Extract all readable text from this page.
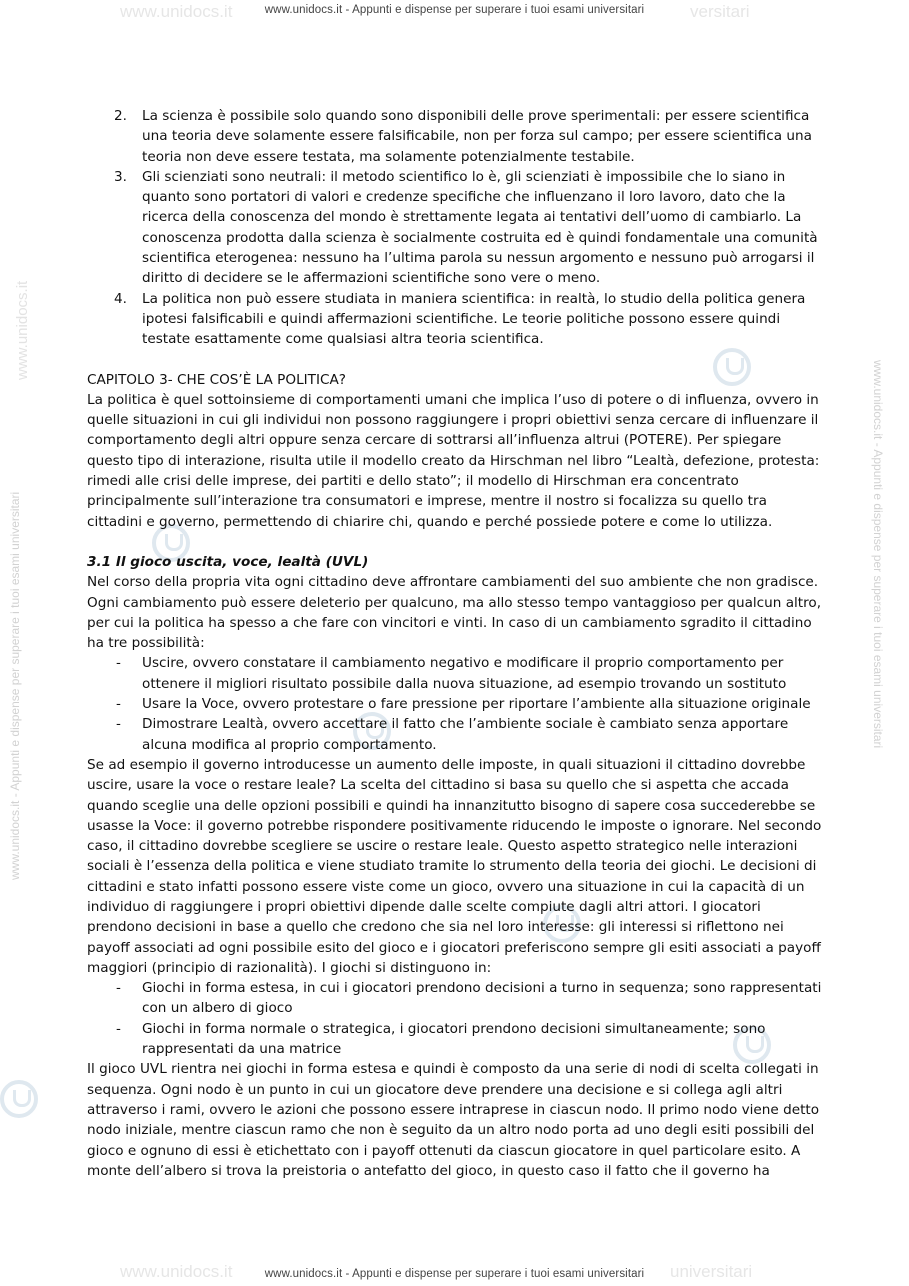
www.unidocs.it	versitari
www.unidocs.it	universitari
www.unidocs.it - Appunti e dispense per superare i tuoi esami universitari	www.unidocs.it - Appunti e dispense per superare i tuoi esami universitari
www.unidocs.it
www.unidocs.it - Appunti e dispense per superare i tuoi esami universitari
www.unidocs.it - Appunti e dispense per superare i tuoi esami universitari
2. La scienza è possibile solo quando sono disponibili delle prove sperimentali: per essere scientifica una teoria deve solamente essere falsificabile, non per forza sul campo; per essere scientifica una teoria non deve essere testata, ma solamente potenzialmente testabile.

3. Gli scienziati sono neutrali: il metodo scientifico lo è, gli scienziati è impossibile che lo siano in quanto sono portatori di valori e credenze specifiche che influenzano il loro lavoro, dato che la ricerca della conoscenza del mondo è strettamente legata ai tentativi dell’uomo di cambiarlo. La conoscenza prodotta dalla scienza è socialmente costruita ed è quindi fondamentale una comunità scientifica eterogenea: nessuno ha l’ultima parola su nessun argomento e nessuno può arrogarsi il diritto di decidere se le affermazioni scientifiche sono vere o meno.

4. La politica non può essere studiata in maniera scientifica: in realtà, lo studio della politica genera ipotesi falsificabili e quindi affermazioni scientifiche. Le teorie politiche possono essere quindi testate esattamente come qualsiasi altra teoria scientifica.

CAPITOLO 3- CHE COS’È LA POLITICA?

La politica è quel sottoinsieme di comportamenti umani che implica l’uso di potere o di influenza, ovvero in quelle situazioni in cui gli individui non possono raggiungere i propri obiettivi senza cercare di influenzare il comportamento degli altri oppure senza cercare di sottrarsi all’influenza altrui (POTERE). Per spiegare questo tipo di interazione, risulta utile il modello creato da Hirschman nel libro “Lealtà, defezione, protesta: rimedi alle crisi delle imprese, dei partiti e dello stato”; il modello di Hirschman era concentrato principalmente sull’interazione tra consumatori e imprese, mentre il nostro si focalizza su quello tra cittadini e governo, permettendo di chiarire chi, quando e perché possiede potere e come lo utilizza.

3.1 Il gioco uscita, voce, lealtà (UVL)

Nel corso della propria vita ogni cittadino deve affrontare cambiamenti del suo ambiente che non gradisce. Ogni cambiamento può essere deleterio per qualcuno, ma allo stesso tempo vantaggioso per qualcun altro, per cui la politica ha spesso a che fare con vincitori e vinti. In caso di un cambiamento sgradito il cittadino ha tre possibilità:

- Uscire, ovvero constatare il cambiamento negativo e modificare il proprio comportamento per ottenere il migliori risultato possibile dalla nuova situazione, ad esempio trovando un sostituto

- Usare la Voce, ovvero protestare o fare pressione per riportare l’ambiente alla situazione originale

- Dimostrare Lealtà, ovvero accettare il fatto che l’ambiente sociale è cambiato senza apportare alcuna modifica al proprio comportamento.

Se ad esempio il governo introducesse un aumento delle imposte, in quali situazioni il cittadino dovrebbe uscire, usare la voce o restare leale? La scelta del cittadino si basa su quello che si aspetta che accada quando sceglie una delle opzioni possibili e quindi ha innanzitutto bisogno di sapere cosa succederebbe se usasse la Voce: il governo potrebbe rispondere positivamente riducendo le imposte o ignorare. Nel secondo caso, il cittadino dovrebbe scegliere se uscire o restare leale. Questo aspetto strategico nelle interazioni sociali è l’essenza della politica e viene studiato tramite lo strumento della teoria dei giochi. Le decisioni di cittadini e stato infatti possono essere viste come un gioco, ovvero una situazione in cui la capacità di un individuo di raggiungere i propri obiettivi dipende dalle scelte compiute dagli altri attori. I giocatori prendono decisioni in base a quello che credono che sia nel loro interesse: gli interessi si riflettono nei payoff associati ad ogni possibile esito del gioco e i giocatori preferiscono sempre gli esiti associati a payoff maggiori (principio di razionalità). I giochi si distinguono in:

- Giochi in forma estesa, in cui i giocatori prendono decisioni a turno in sequenza; sono rappresentati con un albero di gioco

- Giochi in forma normale o strategica, i giocatori prendono decisioni simultaneamente; sono rappresentati da una matrice

Il gioco UVL rientra nei giochi in forma estesa e quindi è composto da una serie di nodi di scelta collegati in sequenza. Ogni nodo è un punto in cui un giocatore deve prendere una decisione e si collega agli altri attraverso i rami, ovvero le azioni che possono essere intraprese in ciascun nodo. Il primo nodo viene detto nodo iniziale, mentre ciascun ramo che non è seguito da un altro nodo porta ad uno degli esiti possibili del gioco e ognuno di essi è etichettato con i payoff ottenuti da ciascun giocatore in quel particolare esito. A monte dell’albero si trova la preistoria o antefatto del gioco, in questo caso il fatto che il governo ha
